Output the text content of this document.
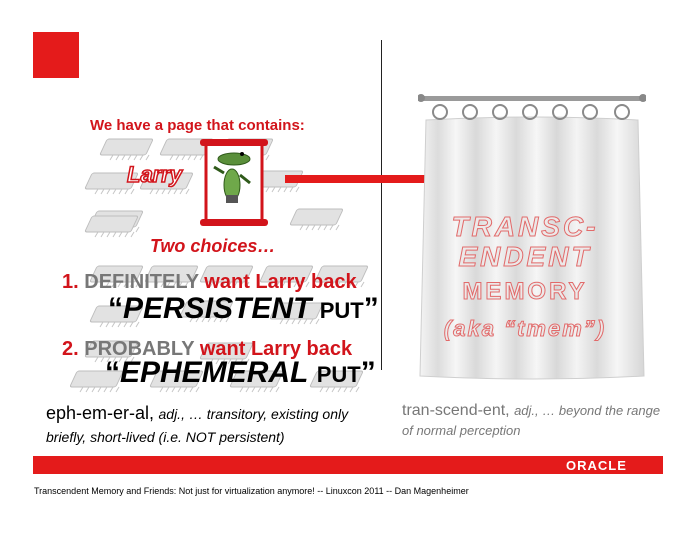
We have a page that contains:
Larry
Two choices…
1. DEFINITELY want Larry back
“PERSISTENT PUT”
2. PROBABLY want Larry back
“EPHEMERAL PUT”
eph-em-er-al, adj., … transitory, existing only briefly, short-lived (i.e. NOT persistent)
TRANSC-
ENDENT
MEMORY
(aka “tmem”)
tran-scend-ent, adj., … beyond the range of normal perception
ORACLE
Transcendent Memory and Friends: Not just for virtualization anymore! -- Linuxcon 2011 -- Dan Magenheimer
